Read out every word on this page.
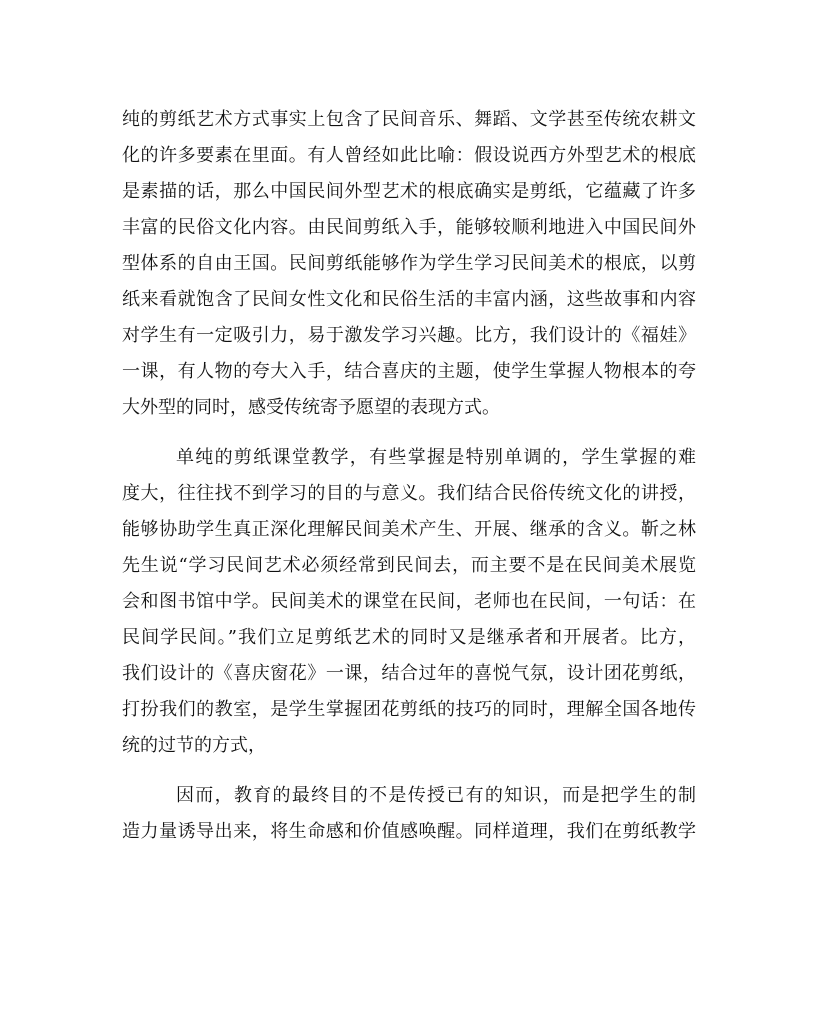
纯的剪纸艺术方式事实上包含了民间音乐、舞蹈、文学甚至传统农耕文
化的许多要素在里面。有人曾经如此比喻：假设说西方外型艺术的根底
是素描的话，那么中国民间外型艺术的根底确实是剪纸，它蕴藏了许多
丰富的民俗文化内容。由民间剪纸入手，能够较顺利地进入中国民间外
型体系的自由王国。民间剪纸能够作为学生学习民间美术的根底，以剪
纸来看就饱含了民间女性文化和民俗生活的丰富内涵，这些故事和内容
对学生有一定吸引力，易于激发学习兴趣。比方，我们设计的《福娃》
一课，有人物的夸大入手，结合喜庆的主题，使学生掌握人物根本的夸
大外型的同时，感受传统寄予愿望的表现方式。
单纯的剪纸课堂教学，有些掌握是特别单调的，学生掌握的难
度大，往往找不到学习的目的与意义。我们结合民俗传统文化的讲授，
能够协助学生真正深化理解民间美术产生、开展、继承的含义。靳之林
先生说“学习民间艺术必须经常到民间去，而主要不是在民间美术展览
会和图书馆中学。民间美术的课堂在民间，老师也在民间，一句话：在
民间学民间。”我们立足剪纸艺术的同时又是继承者和开展者。比方，
我们设计的《喜庆窗花》一课，结合过年的喜悦气氛，设计团花剪纸，
打扮我们的教室，是学生掌握团花剪纸的技巧的同时，理解全国各地传
统的过节的方式，
因而，教育的最终目的不是传授已有的知识，而是把学生的制
造力量诱导出来，将生命感和价值感唤醒。同样道理，我们在剪纸教学
